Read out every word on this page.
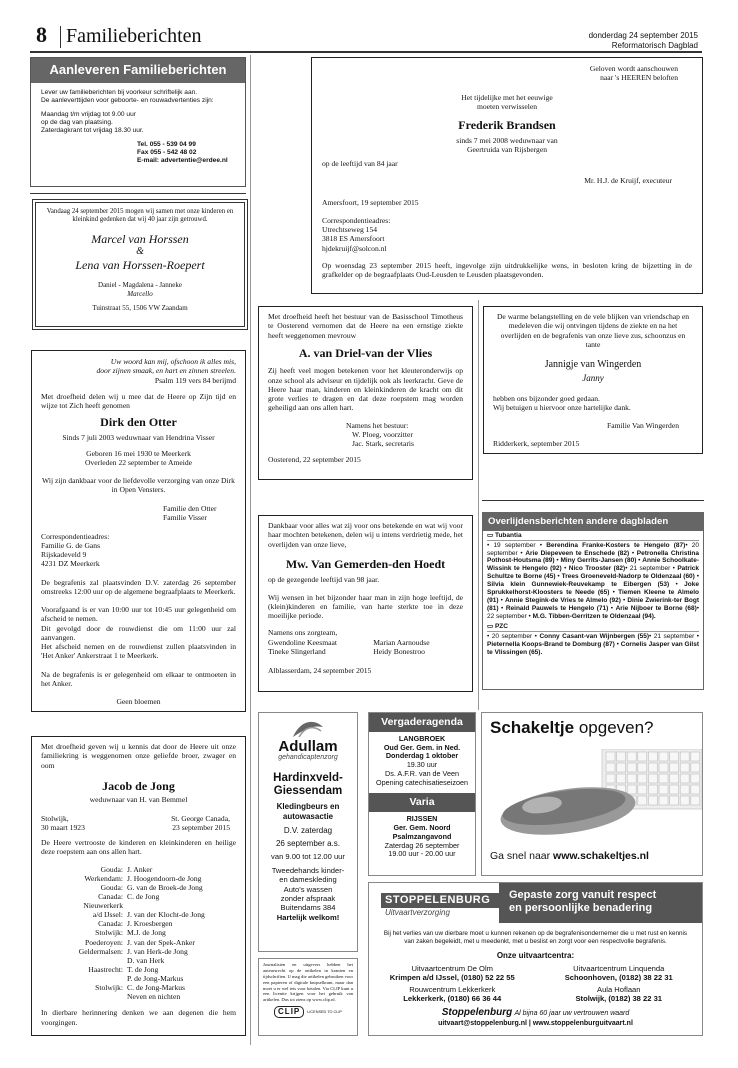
8 Familieberichten	donderdag 24 september 2015
Reformatorisch Dagblad
Aanleveren Familieberichten
Lever uw familieberichten bij voorkeur schriftelijk aan.
De aanleverttijden voor geboorte- en rouwadvertenties zijn:
Maandag t/m vrijdag tot 9.00 uur
op de dag van plaatsing.
Zaterdagkrant tot vrijdag 18.30 uur.
Tel. 055 - 539 04 99
Fax 055 - 542 48 02
E-mail: advertentie@erdee.nl
Vandaag 24 september 2015 mogen wij samen met onze kinderen en kleinkind gedenken dat wij 40 jaar zijn getrouwd.
Marcel van Horssen
&
Lena van Horssen-Roepert
Daniel - Magdalena - Janneke
Marcello
Tuinstraat 55, 1506 VW Zaandam
Geloven wordt aanschouwen
naar 's HEEREN beloften
Het tijdelijke met het eeuwige
moeten verwisselen
Frederik Brandsen
sinds 7 mei 2008 weduwnaar van
Geertruida van Rijsbergen
op de leeftijd van 84 jaar
Mr. H.J. de Kruijf, executeur
Amersfoort, 19 september 2015
Correspondentieadres:
Utrechtseweg 154
3818 ES Amersfoort
hjdekruijf@solcon.nl
Op woensdag 23 september 2015 heeft, ingevolge zijn uitdrukkelijke wens, in besloten kring de bijzetting in de grafkelder op de begraafplaats Oud-Leusden te Leusden plaatsgevonden.
Uw woord kan mij, ofschoon ik alles mis,
door zijnen smaak, en hart en zinnen streelen.
Psalm 119 vers 84 berijmd
Met droefheid delen wij u mee dat de Heere op Zijn tijd en wijze tot Zich heeft genomen
Dirk den Otter
Sinds 7 juli 2003 weduwnaar van Hendrina Visser
Geboren 16 mei 1930 te Meerkerk
Overleden 22 september te Ameide
Wij zijn dankbaar voor de liefdevolle verzorging van onze Dirk in Open Vensters.
Familie den Otter
Familie Visser
Correspondentieadres:
Familie G. de Gans
Rijskadeveld 9
4231 DZ Meerkerk
De begrafenis zal plaatsvinden D.V. zaterdag 26 september omstreeks 12:00 uur op de algemene begraafplaats te Meerkerk.
Voorafgaand is er van 10:00 uur tot 10:45 uur gelegenheid om afscheid te nemen.
Dit gevolgd door de rouwdienst die om 11:00 uur zal aanvangen.
Het afscheid nemen en de rouwdienst zullen plaatsvinden in 'Het Anker' Ankerstraat 1 te Meerkerk.
Na de begrafenis is er gelegenheid om elkaar te ontmoeten in het Anker.
Geen bloemen
Met droefheid heeft het bestuur van de Basisschool Timotheus te Oosterend vernomen dat de Heere na een ernstige ziekte heeft weggenomen mevrouw
A. van Driel-van der Vlies
Zij heeft veel mogen betekenen voor het kleuteronderwijs op onze school als adviseur en tijdelijk ook als leerkracht. Geve de Heere haar man, kinderen en kleinkinderen de kracht om dit grote verlies te dragen en dat deze roepstem mag worden geheiligd aan ons allen hart.
Namens het bestuur:
W. Ploeg, voorzitter
Jac. Stark, secretaris
Oosterend, 22 september 2015
De warme belangstelling en de vele blijken van vriendschap en medeleven die wij ontvingen tijdens de ziekte en na het overlijden en de begrafenis van onze lieve zus, schoonzus en tante
Jannigje van Wingerden
Janny
hebben ons bijzonder goed gedaan.
Wij betuigen u hiervoor onze hartelijke dank.
Familie Van Wingerden
Ridderkerk, september 2015
Overlijdensberichten andere dagbladen
▭ Tubantia
• 19 september • Berendina Franke-Kosters te Hengelo (87)• 20 september • Arie Diepeveen te Enschede (82) • Petronella Christina Pothost-Houtsma (89) • Miny Gerrits-Jansen (80) • Annie Schoolkate-Wissink te Hengelo (92) • Nico Trooster (82)• 21 september • Patrick Schultze te Borne (45) • Trees Groeneveld-Nadorp te Oldenzaal (60) • Silvia klein Gunnewiek-Reuvekamp te Eibergen (53) • Joke Sprukkelhorst-Kloosters te Neede (65) • Tiemen Kleene te Almelo (91) • Annie Stegink-de Vries te Almelo (92) • Dinie Zwierink-ter Bogt (81) • Reinald Pauwels te Hengelo (71) • Arie Nijboer te Borne (68)• 22 september • M.G. Tibben-Gerritzen te Oldenzaal (94).
▭ PZC
• 20 september • Conny Casant-van Wijnbergen (55)• 21 september • Pieternella Koops-Brand te Domburg (87) • Cornelis Jasper van Gilst te Vlissingen (65).
Dankbaar voor alles wat zij voor ons betekende en wat wij voor haar mochten betekenen, delen wij u intens verdrietig mede, het overlijden van onze lieve,
Mw. Van Gemerden-den Hoedt
op de gezegende leeftijd van 98 jaar.
Wij wensen in het bijzonder haar man in zijn hoge leeftijd, de (klein)kinderen en familie, van harte sterkte toe in deze moeilijke periode.
Namens ons zorgteam,
Gwendoline Keesmaat
Tineke Slingerland
Marian Aarnoudse
Heidy Bonestroo
Alblasserdam, 24 september 2015
Met droefheid geven wij u kennis dat door de Heere uit onze familiekring is weggenomen onze geliefde broer, zwager en oom
Jacob de Jong
weduwnaar van H. van Bemmel
Stolwijk,
30 maart 1923
St. George Canada,
23 september 2015
De Heere vertrooste de kinderen en kleinkinderen en heilige deze roepstem aan ons allen hart.
Gouda:	J. Anker
Werkendam:	J. Hoogendoorn-de Jong
Gouda:	G. van de Broek-de Jong
Canada:	C. de Jong
Nieuwerkerk	
a/d IJssel:	J. van der Klocht-de Jong
Canada:	J. Kroesbergen
Stolwijk:	M.J. de Jong
Poederoyen:	J. van der Spek-Anker
Geldermalsen:	J. van Herk-de Jong
	D. van Herk
Haastrecht:	T. de Jong
	P. de Jong-Markus
Stolwijk:	C. de Jong-Markus
	Neven en nichten
In dierbare herinnering denken we aan degenen die hem voorgingen.
Adullam
gehandicaptenzorg
Hardinxveld-Giessendam
Kledingbeurs en autowasactie
D.V. zaterdag
26 september a.s.
van 9.00 tot 12.00 uur
Tweedehands kinder-
en dameskleding
Auto's wassen
zonder afspraak
Buitendams 384
Hartelijk welkom!
Journalisten en uitgevers hebben het auteursrecht op de artikelen in kranten en tijdschriften. U mag die artikelen gebruiken voor een papieren of digitale knipselkrant, maar dan moet u er wel iets voor betalen. Via CLIP kunt u een licentie krijgen voor het gebruik van artikelen. Dus tot ziens op www.clip.nl.
CLIP	LICENSED TO CLIP
Vergaderagenda
LANGBROEK
Oud Ger. Gem. in Ned.
Donderdag 1 oktober
19.30 uur
Ds. A.F.R. van de Veen
Opening catechisatieseizoen
Varia
RIJSSEN
Ger. Gem. Noord
Psalmzangavond
Zaterdag 26 september
19.00 uur - 20.00 uur
Schakeltje opgeven?
Ga snel naar www.schakeltjes.nl
STOPPELENBURG
Uitvaartverzorging
Gepaste zorg vanuit respect
en persoonlijke benadering
Bij het verlies van uw dierbare moet u kunnen rekenen op de begrafenisondernemer die u met rust en kennis van zaken begeleidt, met u meedenkt, met u beslist en zorgt voor een respectvolle begrafenis.
Onze uitvaartcentra:
Uitvaartcentrum De Olm
Krimpen a/d IJssel, (0180) 52 22 55
Uitvaartcentrum Linquenda
Schoonhoven, (0182) 38 22 31
Rouwcentrum Lekkerkerk
Lekkerkerk, (0180) 66 36 44
Aula Hoflaan
Stolwijk, (0182) 38 22 31
Stoppelenburg Al bijna 60 jaar uw vertrouwen waard
uitvaart@stoppelenburg.nl | www.stoppelenburguitvaart.nl
